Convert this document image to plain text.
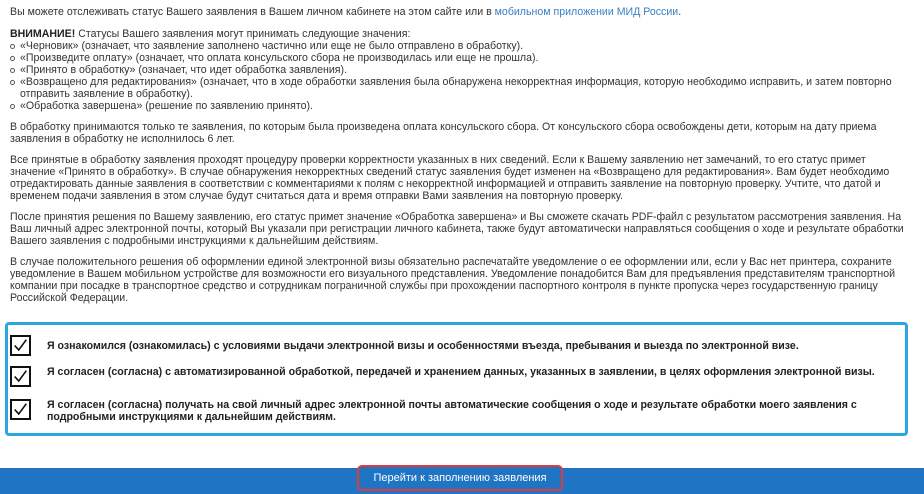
Вы можете отслеживать статус Вашего заявления в Вашем личном кабинете на этом сайте или в мобильном приложении МИД России.

ВНИМАНИЕ! Статусы Вашего заявления могут принимать следующие значения:

«Черновик» (означает, что заявление заполнено частично или еще не было отправлено в обработку).
«Произведите оплату» (означает, что оплата консульского сбора не производилась или еще не прошла).
«Принято в обработку» (означает, что идет обработка заявления).
«Возвращено для редактирования» (означает, что в ходе обработки заявления была обнаружена некорректная информация, которую необходимо исправить, и затем повторно отправить заявление в обработку).
«Обработка завершена» (решение по заявлению принято).

В обработку принимаются только те заявления, по которым была произведена оплата консульского сбора. От консульского сбора освобождены дети, которым на дату приема заявления в обработку не исполнилось 6 лет.

Все принятые в обработку заявления проходят процедуру проверки корректности указанных в них сведений. Если к Вашему заявлению нет замечаний, то его статус примет значение «Принято в обработку». В случае обнаружения некорректных сведений статус заявления будет изменен на «Возвращено для редактирования». Вам будет необходимо отредактировать данные заявления в соответствии с комментариями к полям с некорректной информацией и отправить заявление на повторную проверку. Учтите, что датой и временем подачи заявления в этом случае будут считаться дата и время отправки Вами заявления на повторную проверку.

После принятия решения по Вашему заявлению, его статус примет значение «Обработка завершена» и Вы сможете скачать PDF-файл с результатом рассмотрения заявления. На Ваш личный адрес электронной почты, который Вы указали при регистрации личного кабинета, также будут автоматически направляться сообщения о ходе и результате обработки Вашего заявления с подробными инструкциями к дальнейшим действиям.

В случае положительного решения об оформлении единой электронной визы обязательно распечатайте уведомление о ее оформлении или, если у Вас нет принтера, сохраните уведомление в Вашем мобильном устройстве для возможности его визуального представления. Уведомление понадобится Вам для предъявления представителям транспортной компании при посадке в транспортное средство и сотрудникам пограничной службы при прохождении паспортного контроля в пункте пропуска через государственную границу Российской Федерации.

Я ознакомился (ознакомилась) с условиями выдачи электронной визы и особенностями въезда, пребывания и выезда по электронной визе.
Я согласен (согласна) с автоматизированной обработкой, передачей и хранением данных, указанных в заявлении, в целях оформления электронной визы.
Я согласен (согласна) получать на свой личный адрес электронной почты автоматические сообщения о ходе и результате обработки моего заявления с подробными инструкциями к дальнейшим действиям.
Перейти к заполнению заявления
